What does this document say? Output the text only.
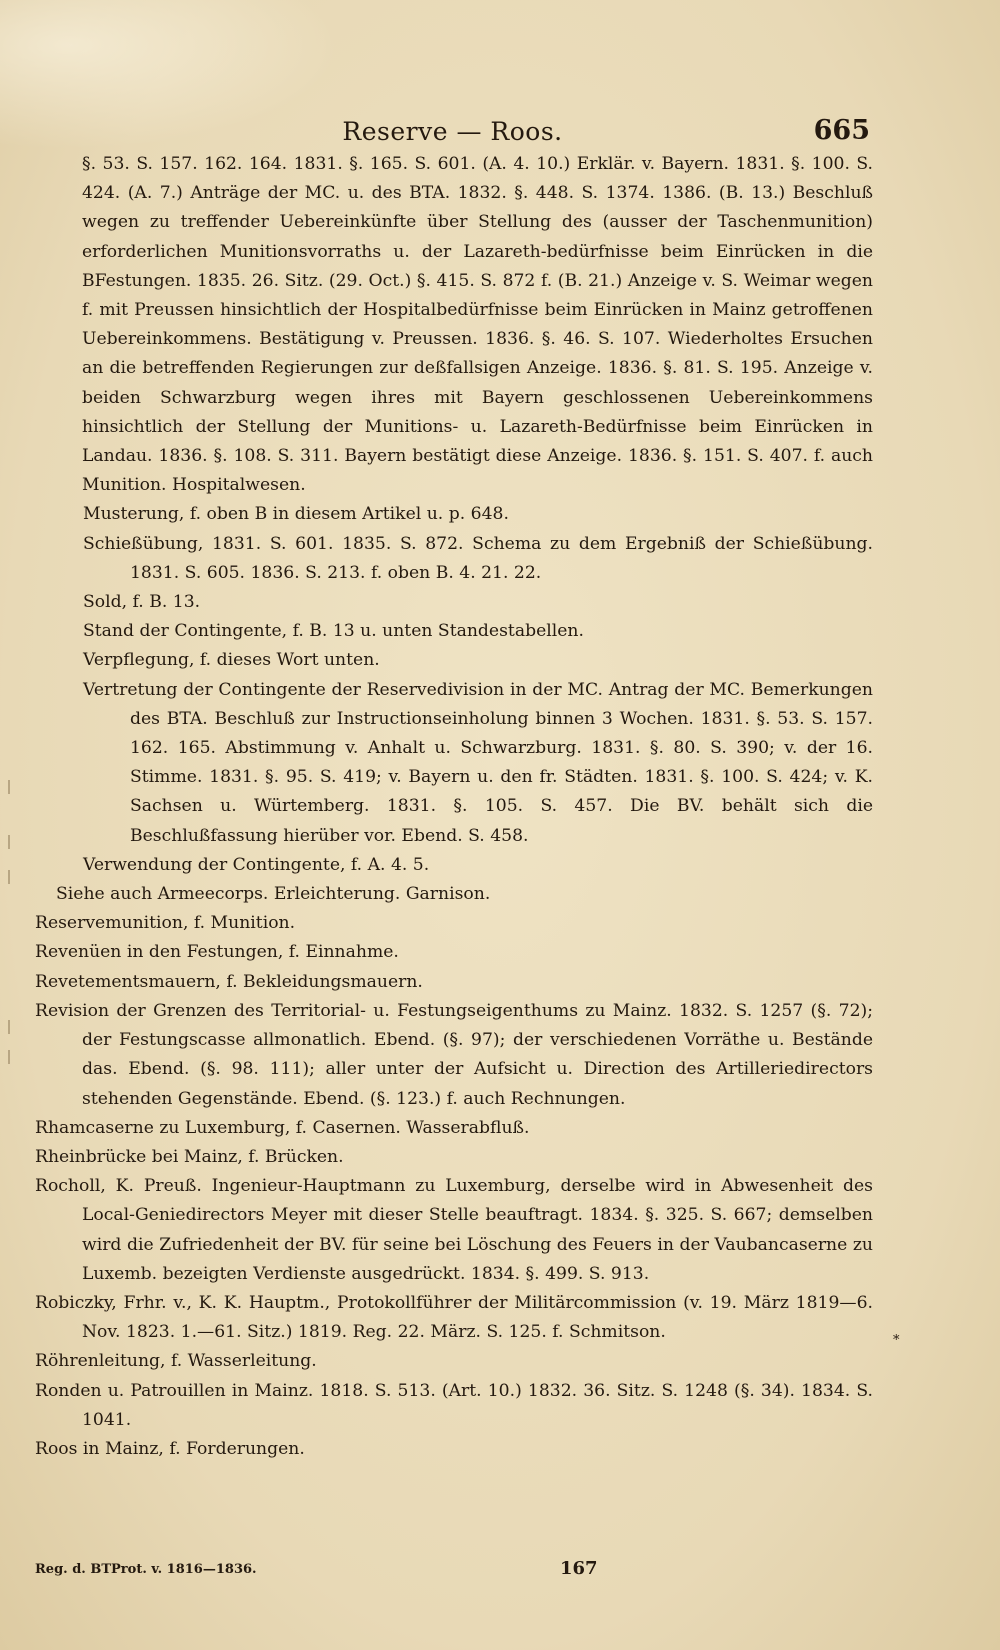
Reserve — Roos.	665
§. 53. S. 157. 162. 164. 1831. §. 165. S. 601. (A. 4. 10.) Erklär. v. Bayern. 1831. §. 100. S. 424. (A. 7.) Anträge der MC. u. des BTA. 1832. §. 448. S. 1374. 1386. (B. 13.) Beschluß wegen zu treffender Uebereinkünfte über Stellung des (ausser der Taschenmunition) erforderlichen Munitionsvorraths u. der Lazareth-bedürfnisse beim Einrücken in die BFestungen. 1835. 26. Sitz. (29. Oct.) §. 415. S. 872 f. (B. 21.) Anzeige v. S. Weimar wegen f. mit Preussen hinsichtlich der Hospitalbedürfnisse beim Einrücken in Mainz getroffenen Uebereinkommens. Bestätigung v. Preussen. 1836. §. 46. S. 107. Wiederholtes Ersuchen an die betreffenden Regierungen zur deßfallsigen Anzeige. 1836. §. 81. S. 195. Anzeige v. beiden Schwarzburg wegen ihres mit Bayern geschlossenen Uebereinkommens hinsichtlich der Stellung der Munitions- u. Lazareth-Bedürfnisse beim Einrücken in Landau. 1836. §. 108. S. 311. Bayern bestätigt diese Anzeige. 1836. §. 151. S. 407. f. auch Munition. Hospitalwesen.
Musterung, f. oben B in diesem Artikel u. p. 648.
Schießübung, 1831. S. 601. 1835. S. 872. Schema zu dem Ergebniß der Schießübung. 1831. S. 605. 1836. S. 213. f. oben B. 4. 21. 22.
Sold, f. B. 13.
Stand der Contingente, f. B. 13 u. unten Standestabellen.
Verpflegung, f. dieses Wort unten.
Vertretung der Contingente der Reservedivision in der MC. Antrag der MC. Bemerkungen des BTA. Beschluß zur Instructionseinholung binnen 3 Wochen. 1831. §. 53. S. 157. 162. 165. Abstimmung v. Anhalt u. Schwarzburg. 1831. §. 80. S. 390; v. der 16. Stimme. 1831. §. 95. S. 419; v. Bayern u. den fr. Städten. 1831. §. 100. S. 424; v. K. Sachsen u. Würtemberg. 1831. §. 105. S. 457. Die BV. behält sich die Beschlußfassung hierüber vor. Ebend. S. 458.
Verwendung der Contingente, f. A. 4. 5.
Siehe auch Armeecorps. Erleichterung. Garnison.
Reservemunition, f. Munition.
Revenüen in den Festungen, f. Einnahme.
Revetementsmauern, f. Bekleidungsmauern.
Revision der Grenzen des Territorial- u. Festungseigenthums zu Mainz. 1832. S. 1257 (§. 72); der Festungscasse allmonatlich. Ebend. (§. 97); der verschiedenen Vorräthe u. Bestände das. Ebend. (§. 98. 111); aller unter der Aufsicht u. Direction des Artilleriedirectors stehenden Gegenstände. Ebend. (§. 123.) f. auch Rechnungen.
Rhamcaserne zu Luxemburg, f. Casernen. Wasserabfluß.
Rheinbrücke bei Mainz, f. Brücken.
Rocholl, K. Preuß. Ingenieur-Hauptmann zu Luxemburg, derselbe wird in Abwesenheit des Local-Geniedirectors Meyer mit dieser Stelle beauftragt. 1834. §. 325. S. 667; demselben wird die Zufriedenheit der BV. für seine bei Löschung des Feuers in der Vaubancaserne zu Luxemb. bezeigten Verdienste ausgedrückt. 1834. §. 499. S. 913.
Robiczky, Frhr. v., K. K. Hauptm., Protokollführer der Militärcommission (v. 19. März 1819—6. Nov. 1823. 1.—61. Sitz.) 1819. Reg. 22. März. S. 125. f. Schmitson.
Röhrenleitung, f. Wasserleitung.
Ronden u. Patrouillen in Mainz. 1818. S. 513. (Art. 10.) 1832. 36. Sitz. S. 1248 (§. 34). 1834. S. 1041.
Roos in Mainz, f. Forderungen.
*
Reg. d. BTProt. v. 1816—1836.	167
